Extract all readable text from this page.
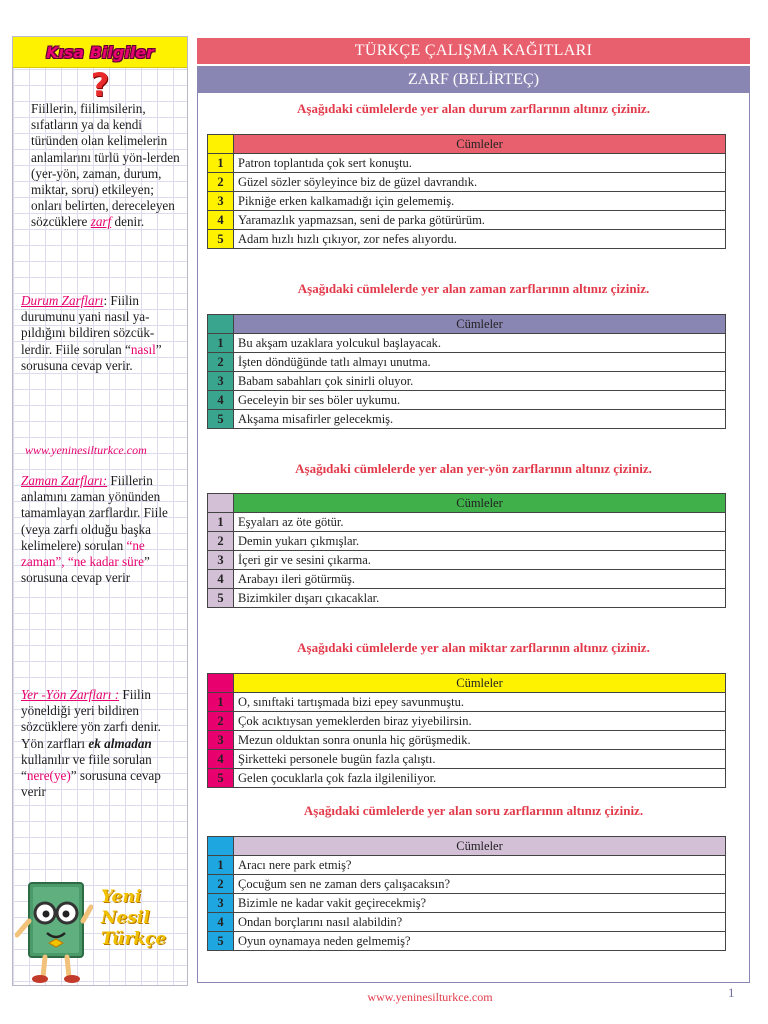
Kısa Bilgiler
?
Fiillerin, fiilimsilerin, sıfatların ya da kendi türünden olan kelimelerin anlamlarını türlü yön-lerden (yer-yön, zaman, durum, miktar, soru) etkileyen; onları belirten, dereceleyen sözcüklere zarf denir.
Durum Zarfları: Fiilin durumunu yani nasıl ya-pıldığını bildiren sözcük-lerdir. Fiile sorulan “nasıl” sorusuna cevap verir.
www.yeninesilturkce.com
Zaman Zarfları: Fiillerin anlamını zaman yönünden tamamlayan zarflardır. Fiile (veya zarfı olduğu başka kelimelere) sorulan “ne zaman”, “ne kadar süre” sorusuna cevap verir
Yer -Yön Zarfları : Fiilin yöneldiği yeri bildiren sözcüklere yön zarfı denir. Yön zarfları ek almadan kullanılır ve fiile sorulan “nere(ye)” sorusuna cevap verir
Yeni
Nesil
Türkçe
TÜRKÇE ÇALIŞMA KAĞITLARI
ZARF (BELİRTEÇ)
Aşağıdaki cümlelerde yer alan durum zarflarının altınız çiziniz.
	Cümleler
1	Patron toplantıda çok sert konuştu.
2	Güzel sözler söyleyince biz de güzel davrandık.
3	Pikniğe erken kalkamadığı için gelememiş.
4	Yaramazlık yapmazsan, seni de parka götürürüm.
5	Adam hızlı hızlı çıkıyor, zor nefes alıyordu.
Aşağıdaki cümlelerde yer alan zaman zarflarının altınız çiziniz.
	Cümleler
1	Bu akşam uzaklara yolcukul başlayacak.
2	İşten döndüğünde tatlı almayı unutma.
3	Babam sabahları çok sinirli oluyor.
4	Geceleyin bir ses böler uykumu.
5	Akşama misafirler gelecekmiş.
Aşağıdaki cümlelerde yer alan yer-yön zarflarının altınız çiziniz.
	Cümleler
1	Eşyaları az öte götür.
2	Demin yukarı çıkmışlar.
3	İçeri gir ve sesini çıkarma.
4	Arabayı ileri götürmüş.
5	Bizimkiler dışarı çıkacaklar.
Aşağıdaki cümlelerde yer alan miktar zarflarının altınız çiziniz.
	Cümleler
1	O, sınıftaki tartışmada bizi epey savunmuştu.
2	Çok acıktıysan yemeklerden biraz yiyebilirsin.
3	Mezun olduktan sonra onunla hiç görüşmedik.
4	Şirketteki personele bugün fazla çalıştı.
5	Gelen çocuklarla çok fazla ilgileniliyor.
Aşağıdaki cümlelerde yer alan soru zarflarının altınız çiziniz.
	Cümleler
1	Aracı nere park etmiş?
2	Çocuğum sen ne zaman ders çalışacaksın?
3	Bizimle ne kadar vakit geçirecekmiş?
4	Ondan borçlarını nasıl alabildin?
5	Oyun oynamaya neden gelmemiş?
www.yeninesilturkce.com	1
